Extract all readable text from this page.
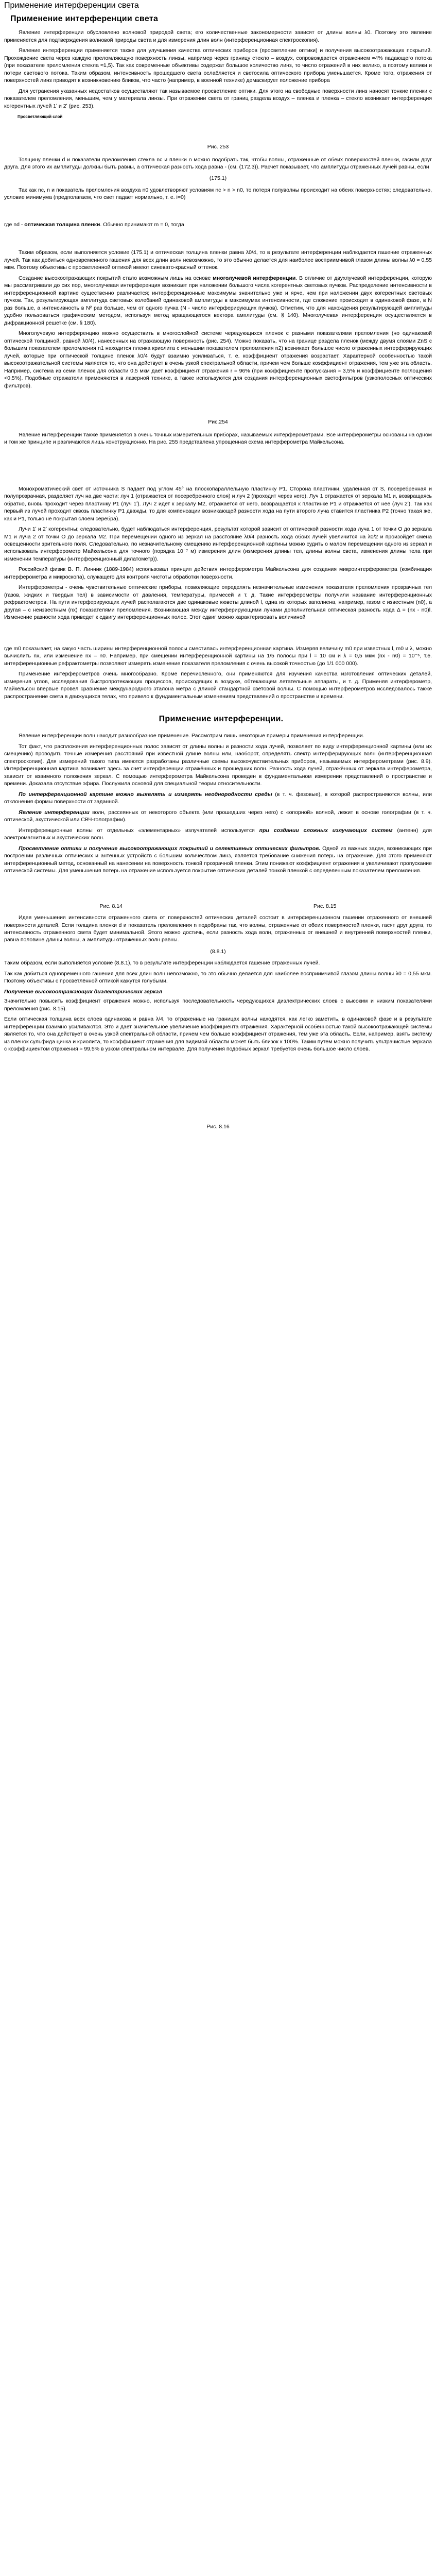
Применение интерференции света
Применение интерференции света

Явление интерференции обусловлено волновой природой света; его количественные закономерности зависят от длины волны λ0. Поэтому это явление применяется для подтверждения волновой природы света и для измерения длин волн (интерференционная спектроскопия).

Явление интерференции применяется также для улучшения качества оптических приборов (просветление оптики) и получения высокоотражающих покрытий. Прохождение света через каждую преломляющую поверхность линзы, например через границу стекло – воздух, сопровождается отражением ≈4% падающего потока (при показателе преломления стекла ≈1,5). Так как современные объективы содержат большое количество линз, то число отражений в них велико, а поэтому велики и потери светового потока. Таким образом, интенсивность прошедшего света ослабляется и светосила оптического прибора уменьшается. Кроме того, отражения от поверхностей линз приводят к возникновению бликов, что часто (например, в военной технике) демаскирует положение прибора

Для устранения указанных недостатков осуществляют так называемое просветление оптики. Для этого на свободные поверхности линз наносят тонкие пленки с показателем преломления, меньшим, чем у материала линзы. При отражении света от границ раздела воздух – пленка и пленка – стекло возникает интерференция когерентных лучей 1ʹ и 2ʹ (рис. 253).

Просветляющий слой
Рис. 253

Толщину пленки d и показатели преломления стекла nс и пленки n можно подобрать так, чтобы волны, отраженные от обеих поверхностей пленки, гасили друг друга. Для этого их амплитуды должны быть равны, а оптическая разность хода равна - (см. (172.3)). Расчет показывает, что амплитуды отраженных лучей равны, если

(175.1)

Так как nс, n и показатель преломления воздуха n0 удовлетворяют условиям nс > n > n0, то потеря полуволны происходит на обеих поверхностях; следовательно, условие минимума (предполагаем, что свет падает нормально, т. е. i=0)

где nd - оптическая толщина пленки. Обычно принимают m = 0, тогда

Таким образом, если выполняется условие (175.1) и оптическая толщина пленки равна λ0/4, то в результате интерференции наблюдается гашение отраженных лучей. Так как добиться одновременного гашения для всех длин волн невозможно, то это обычно делается для наиболее восприимчивой глазом длины волны λ0 ≈ 0,55 мкм. Поэтому объективы с просветленной оптикой имеют синевато-красный оттенок.

Создание высокоотражающих покрытий стало возможным лишь на основе многолучевой интерференции. В отличие от двухлучевой интерференции, которую мы рассматривали до сих пор, многолучевая интерференция возникает при наложении большого числа когерентных световых пучков. Распределение интенсивности в интерференционной картине существенно различается; интерференционные максимумы значительно уже и ярче, чем при наложении двух когерентных световых пучков. Так, результирующая амплитуда световых колебаний одинаковой амплитуды в максимумах интенсивности, где сложение происходит в одинаковой фазе, в N раз больше, а интенсивность в N² раз больше, чем от одного пучка (N - число интерферирующих пучков). Отметим, что для нахождения результирующей амплитуды удобно пользоваться графическим методом, используя метод вращающегося вектора амплитуды (см. § 140). Многолучевая интерференция осуществляется в дифракционной решетке (см. § 180).

Многолучевую интерференцию можно осуществить в многослойной системе чередующихся пленок с разными показателями преломления (но одинаковой оптической толщиной, равной λ0/4), нанесенных на отражающую поверхность (рис. 254). Можно показать, что на границе раздела пленок (между двумя слоями ZnS с большим показателем преломления n1 находится пленка криолита с меньшим показателем преломления n2) возникает большое число отраженных интерферирующих лучей, которые при оптической толщине пленок λ0/4 будут взаимно усиливаться, т. е. коэффициент отражения возрастает. Характерной особенностью такой высокоотражательной системы является то, что она действует в очень узкой спектральной области, причем чем больше коэффициент отражения, тем уже эта область. Например, система из семи пленок для области 0,5 мкм дает коэффициент отражения r ≈ 96% (при коэффициенте пропускания ≈ 3,5% и коэффициенте поглощения <0,5%). Подобные отражатели применяются в лазерной технике, а также используются для создания интерференционных светофильтров (узкополосных оптических фильтров).

Рис.254

Явление интерференции также применяется в очень точных измерительных приборах, называемых интерферометрами. Все интерферометры основаны на одном и том же принципе и различаются лишь конструкционно. На рис. 255 представлена упрощенная схема интерферометра Майкельсона.

Монохроматический свет от источника S падает под углом 45° на плоскопараллельную пластинку P1. Сторона пластинки, удаленная от S, посеребренная и полупрозрачная, разделяет луч на две части: луч 1 (отражается от посеребренного слоя) и луч 2 (проходит через него). Луч 1 отражается от зеркала M1 и, возвращаясь обратно, вновь проходит через пластинку P1 (луч 1ʹ). Луч 2 идет к зеркалу M2, отражается от него, возвращается к пластинке P1 и отражается от нее (луч 2ʹ). Так как первый из лучей проходит сквозь пластинку P1 дважды, то для компенсации возникающей разности хода на пути второго луча ставится пластинка P2 (точно такая же, как и P1, только не покрытая слоем серебра).

Лучи 1ʹ и 2ʹ когерентны; следовательно, будет наблюдаться интерференция, результат которой зависит от оптической разности хода луча 1 от точки O до зеркала M1 и луча 2 от точки O до зеркала M2. При перемещении одного из зеркал на расстояние λ0/4 разность хода обоих лучей увеличится на λ0/2 и произойдет смена освещенности зрительного поля. Следовательно, по незначительному смещению интерференционной картины можно судить о малом перемещении одного из зеркал и использовать интерферометр Майкельсона для точного (порядка 10⁻⁷ м) измерения длин (измерения длины тел, длины волны света, изменения длины тела при изменении температуры (интерференционный дилатометр)).

Российский физик В. П. Линник (1889-1984) использовал принцип действия интерферометра Майкельсона для создания микроинтерферометра (комбинация интерферометра и микроскопа), служащего для контроля чистоты обработки поверхности.

Интерферометры - очень чувствительные оптические приборы, позволяющие определять незначительные изменения показателя преломления прозрачных тел (газов, жидких и твердых тел) в зависимости от давления, температуры, примесей и т. д. Такие интерферометры получили название интерференционных рефрактометров. На пути интерферирующих лучей располагаются две одинаковые кюветы длиной l, одна из которых заполнена, например, газом с известным (n0), а другая – с неизвестным (nx) показателями преломления. Возникающая между интерферирующими лучами дополнительная оптическая разность хода Δ = (nx - n0)l. Изменение разности хода приведет к сдвигу интерференционных полос. Этот сдвиг можно характеризовать величиной

где m0 показывает, на какую часть ширины интерференционной полосы сместилась интерференционная картина. Измеряя величину m0 при известных l, m0 и λ, можно вычислить nx, или изменение nx – n0. Например, при смещении интерференционной картины на 1/5 полосы при l = 10 см и λ = 0,5 мкм (nx - n0) = 10⁻⁶, т.е. интерференционные рефрактометры позволяют измерять изменение показателя преломления с очень высокой точностью (до 1/1 000 000).

Применение интерферометров очень многообразно. Кроме перечисленного, они применяются для изучения качества изготовления оптических деталей, измерения углов, исследования быстропротекающих процессов, происходящих в воздухе, обтекающем летательные аппараты, и т. д. Применяя интерферометр, Майкельсон впервые провел сравнение международного эталона метра с длиной стандартной световой волны. С помощью интерферометров исследовалось также распространение света в движущихся телах, что привело к фундаментальным изменениям представлений о пространстве и времени.

Применение интерференции.

Явление интерференции волн находит разнообразное применение. Рассмотрим лишь некоторые примеры применения интерференции.

Тот факт, что распложения интерференционных полос зависят от длины волны и разности хода лучей, позволяет по виду интерференционной картины (или их смещению) проводить точные измерения расстояний при известной длине волны или, наоборот, определять спектр интерферирующих волн (интерференционная спектроскопия). Для измерений такого типа имеются разработаны различные схемы высокочувствительных приборов, называемых интерферометрами (рис. 8.9). Интерференционная картина возникает здесь за счет интерференции отражённых и прошедших волн. Разность хода лучей, отражённых от зеркала интерферометра, зависит от взаимного положения зеркал. С помощью интерферометра Майкельсона проведен в фундаментальном измерении представлений о пространстве и времени. Доказала отсутствие эфира. Послужила основой для специальной теории относительности.

По интерференционной картине можно выявлять и измерять неоднородности среды (в т. ч. фазовые), в которой распространяются волны, или отклонения формы поверхности от заданной.

Явление интерференции волн, рассеянных от некоторого объекта (или прошедших через него) с «опорной» волной, лежит в основе голографии (в т. ч. оптической, акустической или СВЧ-голографии).

Интерференционные волны от отдельных «элементарных» излучателей используется при создании сложных излучающих систем (антенн) для электромагнитных и акустических волн.

Просветление оптики и получение высокоотражающих покрытий и селективных оптических фильтров. Одной из важных задач, возникающих при построении различных оптических и антенных устройств с большим количеством линз, является требование снижения потерь на отражение. Для этого применяют интерференционный метод, основанный на нанесении на поверхность тонкой прозрачной пленки. Этим понижают коэффициент отражения и увеличивают пропускание оптической системы. Для уменьшения потерь на отражение используется покрытие оптических деталей тонкой пленкой с определенным показателем преломления.

Рис. 8.14	Рис. 8.15

Идея уменьшения интенсивности отраженного света от поверхностей оптических деталей состоит в интерференционном гашении отраженного от внешней поверхности деталей. Если толщина пленки d и показатель преломления n подобраны так, что волны, отраженные от обеих поверхностей пленки, гасят друг друга, то интенсивность отраженного света будет минимальной. Этого можно достичь, если разность хода волн, отраженных от внешней и внутренней поверхностей пленки, равна половине длины волны, а амплитуды отраженных волн равны.

(8.8.1)

Таким образом, если выполняется условие (8.8.1), то в результате интерференции наблюдается гашение отраженных лучей.

Так как добиться одновременного гашения для всех длин волн невозможно, то это обычно делается для наиболее восприимчивой глазом длины волны λ0 = 0,55 мкм. Поэтому объективы с просветлённой оптикой кажутся голубыми.

Получение высокоотражающих диэлектрических зеркал

Значительно повысить коэффициент отражения можно, используя последовательность чередующихся диэлектрических слоев с высоким и низким показателями преломления (рис. 8.15).

Если оптическая толщина всех слоев одинакова и равна λ/4, то отраженные на границах волны находятся, как легко заметить, в одинаковой фазе и в результате интерференции взаимно усиливаются. Это и дает значительное увеличение коэффициента отражения. Характерной особенностью такой высокоотражающей системы является то, что она действует в очень узкой спектральной области, причем чем больше коэффициент отражения, тем уже эта область. Если, например, взять систему из пленок сульфида цинка и криолита, то коэффициент отражения для видимой области может быть близок к 100%. Таким путем можно получить ультрачистые зеркала с коэффициентом отражения ≈ 99,5% в узком спектральном интервале. Для получения подобных зеркал требуется очень большое число слоев.

Рис. 8.16
